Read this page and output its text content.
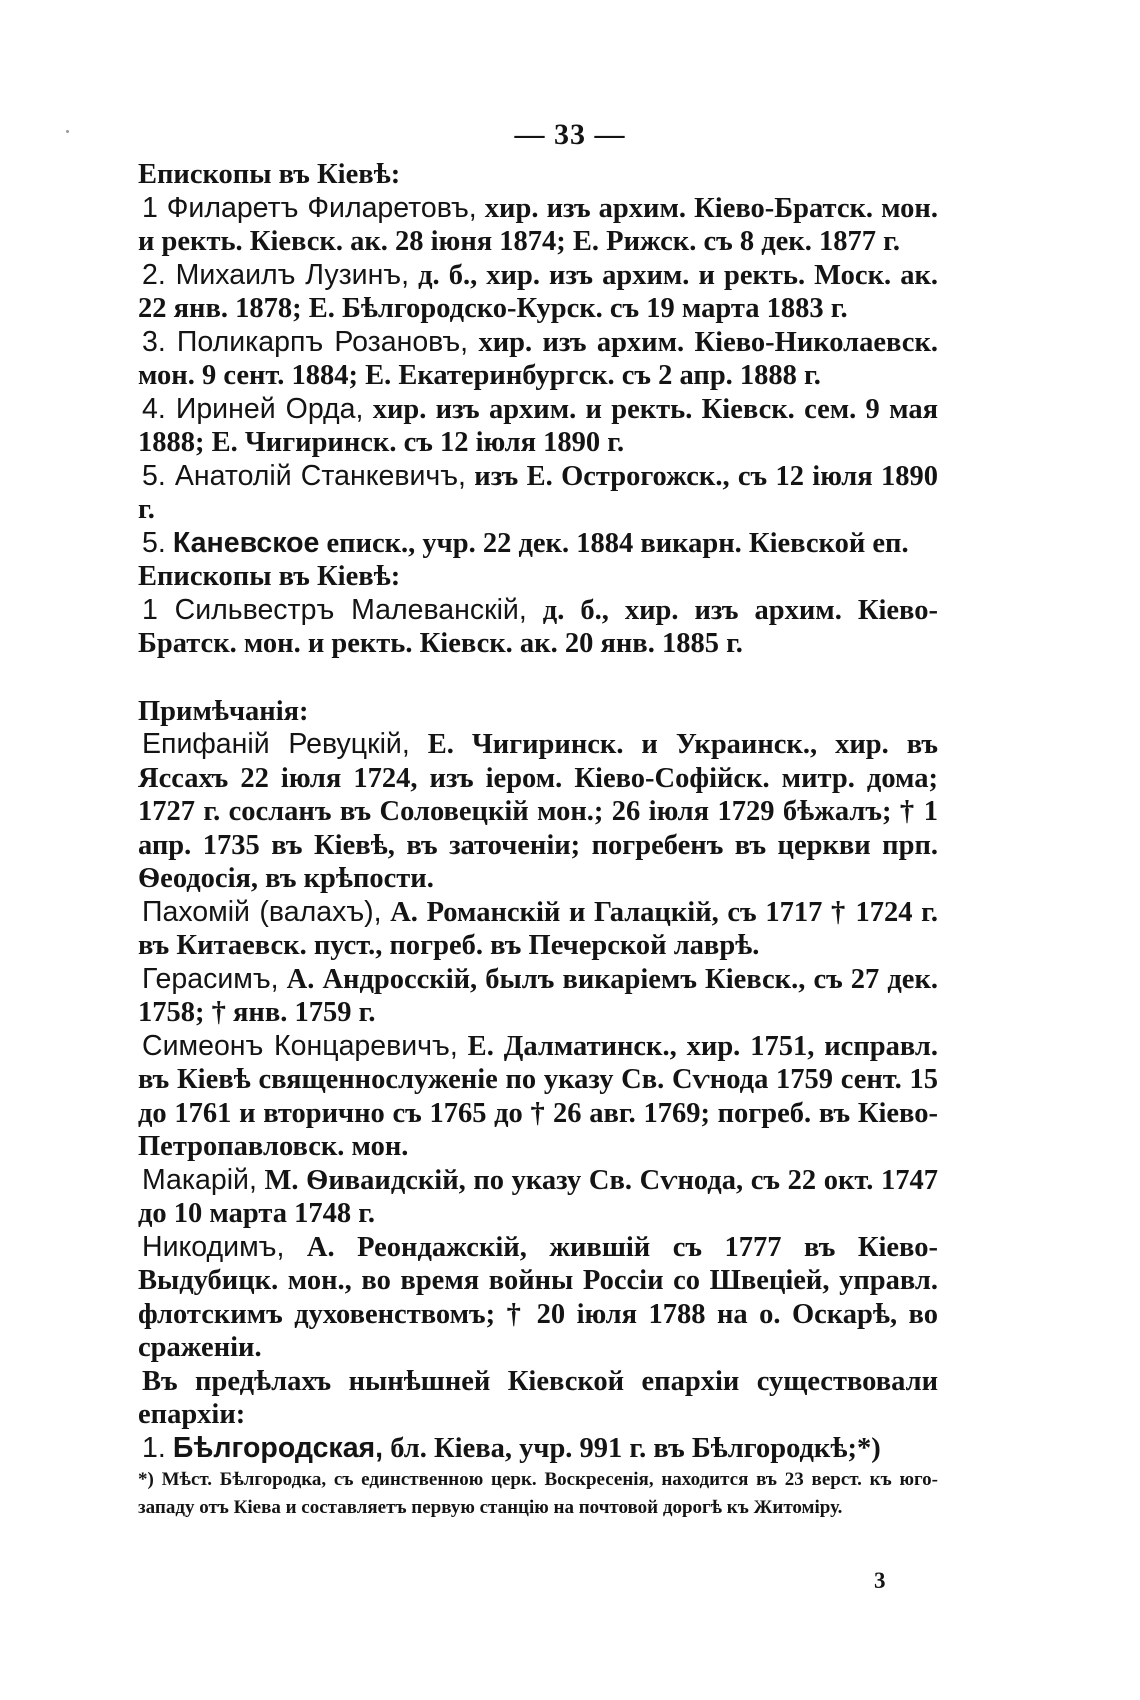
— 33 —

Епископы въ Кіевѣ:

1 Филаретъ Филаретовъ, хир. изъ архим. Кіево-Братск. мон. и ректь. Кіевск. ак. 28 іюня 1874; Е. Рижск. съ 8 дек. 1877 г.

2. Михаилъ Лузинъ, д. б., хир. изъ архим. и ректь. Моск. ак. 22 янв. 1878; Е. Бѣлгородско-Курск. съ 19 марта 1883 г.

3. Поликарпъ Розановъ, хир. изъ архим. Кіево-Николаевск. мон. 9 сент. 1884; Е. Екатеринбургск. съ 2 апр. 1888 г.

4. Ириней Орда, хир. изъ архим. и ректь. Кіевск. сем. 9 мая 1888; Е. Чигиринск. съ 12 іюля 1890 г.

5. Анатолій Станкевичъ, изъ Е. Острогожск., съ 12 іюля 1890 г.

5. Каневское еписк., учр. 22 дек. 1884 викарн. Кіевской еп.

Епископы въ Кіевѣ:

1 Сильвестръ Малеванскій, д. б., хир. изъ архим. Кіево-Братск. мон. и ректь. Кіевск. ак. 20 янв. 1885 г.

Примѣчанія:

Епифаній Ревуцкій, Е. Чигиринск. и Украинск., хир. въ Яссахъ 22 іюля 1724, изъ іером. Кіево-Софійск. митр. дома; 1727 г. сосланъ въ Соловецкій мон.; 26 іюля 1729 бѣжалъ; † 1 апр. 1735 въ Кіевѣ, въ заточеніи; погребенъ въ церкви прп. Ѳеодосія, въ крѣпости.

Пахомій (валахъ), А. Романскій и Галацкій, съ 1717 † 1724 г. въ Китаевск. пуст., погреб. въ Печерской лаврѣ.

Герасимъ, А. Андросскій, былъ викаріемъ Кіевск., съ 27 дек. 1758; † янв. 1759 г.

Симеонъ Концаревичъ, Е. Далматинск., хир. 1751, исправл. въ Кіевѣ священнослуженіе по указу Св. Сѵнода 1759 сент. 15 до 1761 и вторично съ 1765 до † 26 авг. 1769; погреб. въ Кіево-Петропавловск. мон.

Макарій, М. Ѳиваидскій, по указу Св. Сѵнода, съ 22 окт. 1747 до 10 марта 1748 г.

Никодимъ, А. Реондажскій, жившій съ 1777 въ Кіево-Выдубицк. мон., во время войны Россіи со Швеціей, управл. флотскимъ духовенствомъ; † 20 іюля 1788 на о. Оскарѣ, во сраженіи.

Въ предѣлахъ нынѣшней Кіевской епархіи существовали епархіи:

1. Бѣлгородская, бл. Кіева, учр. 991 г. въ Бѣлгородкѣ;*)

*) Мѣст. Бѣлгородка, съ единственною церк. Воскресенія, находится въ 23 верст. къ юго-западу отъ Кіева и составляетъ первую станцію на почтовой дорогѣ къ Житоміру.
3
